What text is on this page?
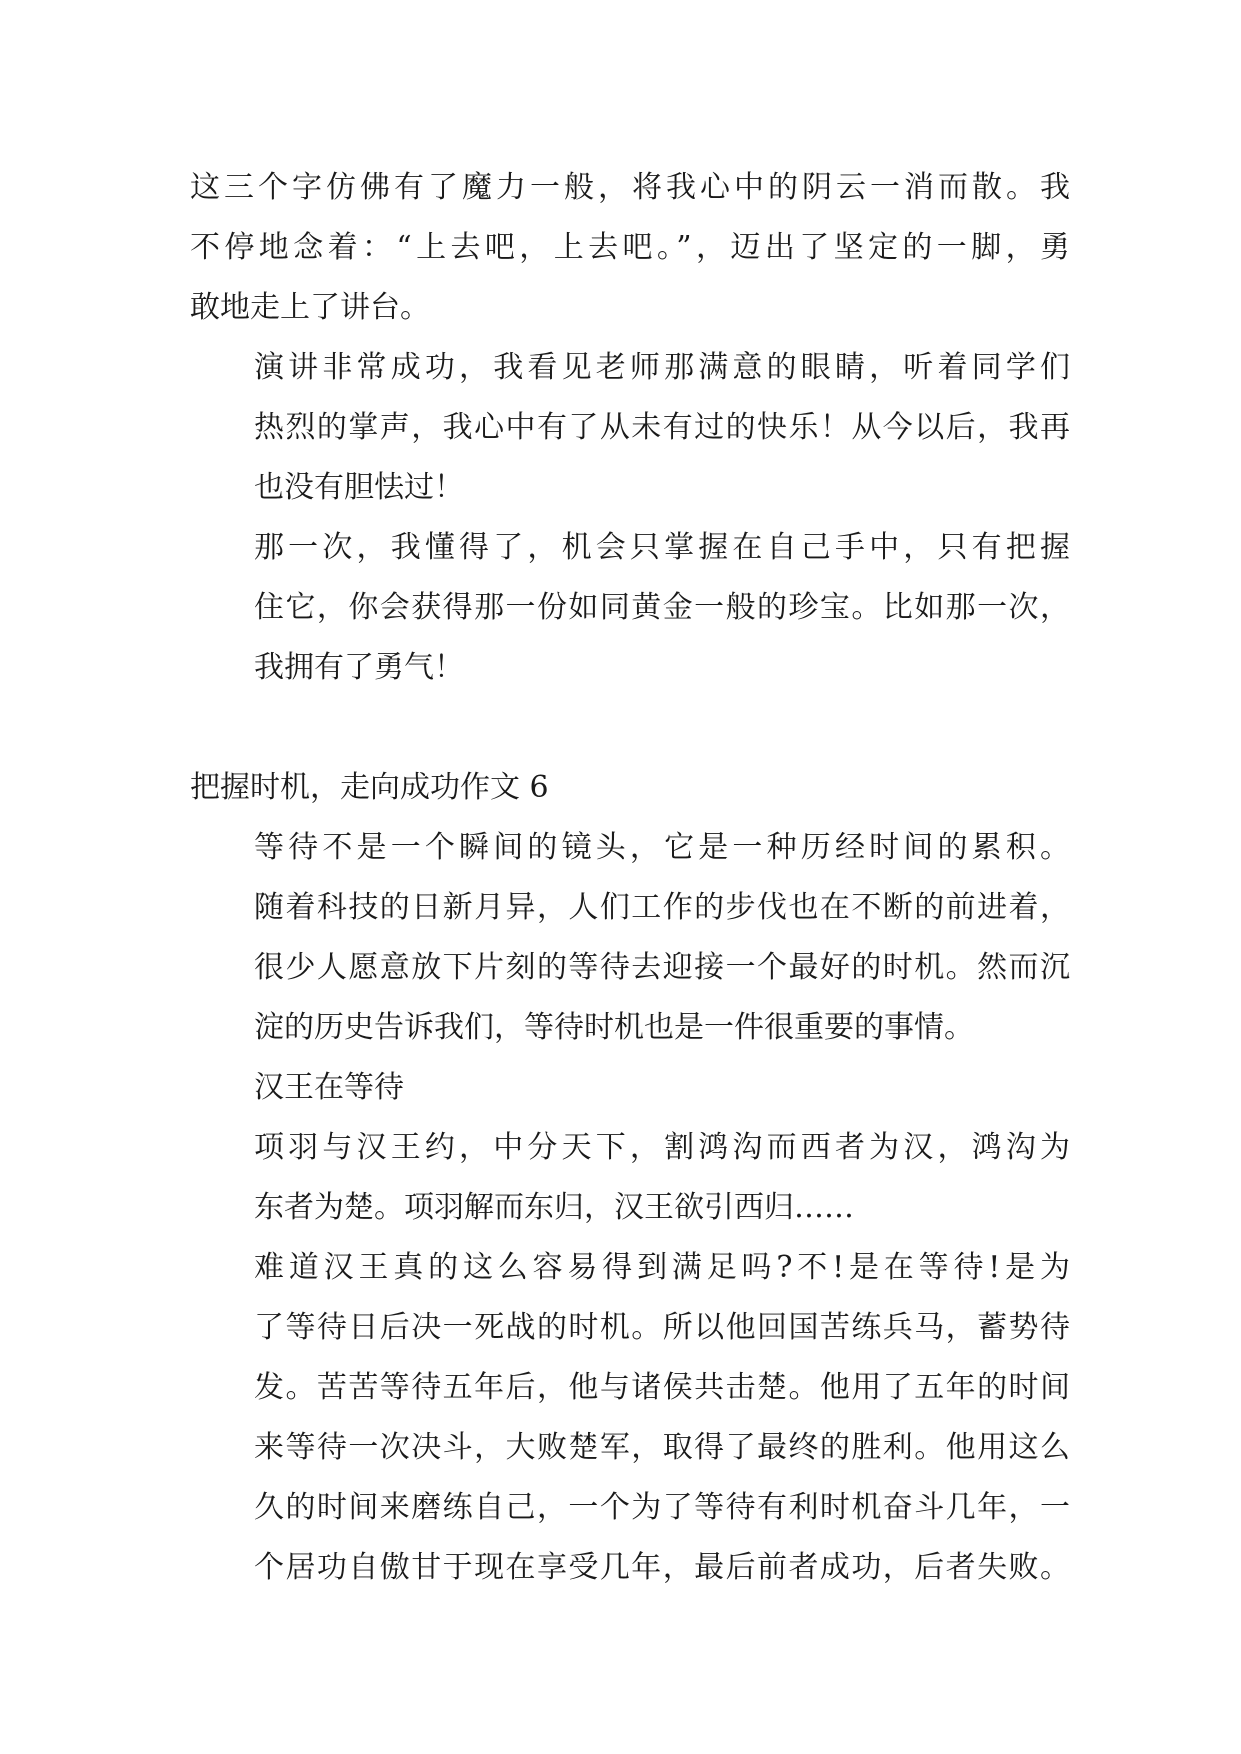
这三个字仿佛有了魔力一般，将我心中的阴云一消而散。我
不停地念着：“上去吧，上去吧。”，迈出了坚定的一脚，勇
敢地走上了讲台。
演讲非常成功，我看见老师那满意的眼睛，听着同学们
热烈的掌声，我心中有了从未有过的快乐！从今以后，我再
也没有胆怯过！
那一次，我懂得了，机会只掌握在自己手中，只有把握
住它，你会获得那一份如同黄金一般的珍宝。比如那一次，
我拥有了勇气！
把握时机，走向成功作文 6
等待不是一个瞬间的镜头，它是一种历经时间的累积。
随着科技的日新月异，人们工作的步伐也在不断的前进着，
很少人愿意放下片刻的等待去迎接一个最好的时机。然而沉
淀的历史告诉我们，等待时机也是一件很重要的事情。
汉王在等待
项羽与汉王约，中分天下，割鸿沟而西者为汉，鸿沟为
东者为楚。项羽解而东归，汉王欲引西归……
难道汉王真的这么容易得到满足吗?不!是在等待!是为
了等待日后决一死战的时机。所以他回国苦练兵马，蓄势待
发。苦苦等待五年后，他与诸侯共击楚。他用了五年的时间
来等待一次决斗，大败楚军，取得了最终的胜利。他用这么
久的时间来磨练自己，一个为了等待有利时机奋斗几年，一
个居功自傲甘于现在享受几年，最后前者成功，后者失败。
